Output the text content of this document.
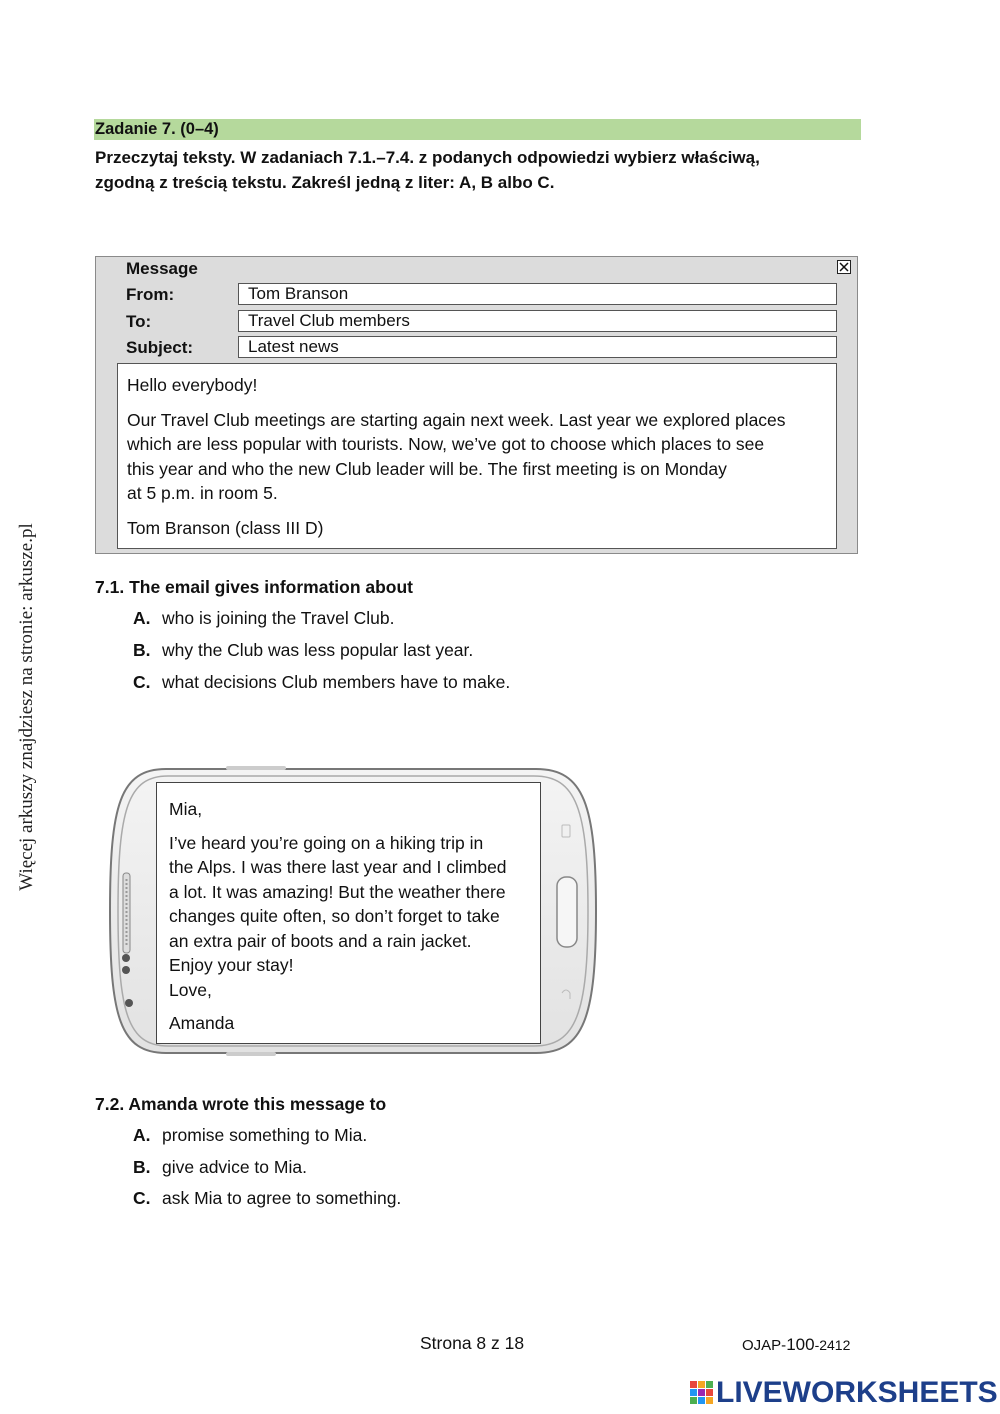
Więcej arkuszy znajdziesz na stronie: arkusze.pl
Zadanie 7. (0–4)
Przeczytaj teksty. W zadaniach 7.1.–7.4. z podanych odpowiedzi wybierz właściwą,
zgodną z treścią tekstu. Zakreśl jedną z liter: A, B albo C.
Message
From:	Tom Branson
To:	Travel Club members
Subject:	Latest news

Hello everybody!

Our Travel Club meetings are starting again next week. Last year we explored places
which are less popular with tourists. Now, we’ve got to choose which places to see
this year and who the new Club leader will be. The first meeting is on Monday
at 5 p.m. in room 5.

Tom Branson (class III D)

7.1. The email gives information about
A. who is joining the Travel Club.
B. why the Club was less popular last year.
C. what decisions Club members have to make.

Mia,

I’ve heard you’re going on a hiking trip in
the Alps. I was there last year and I climbed
a lot. It was amazing! But the weather there
changes quite often, so don’t forget to take
an extra pair of boots and a rain jacket.
Enjoy your stay!
Love,
Amanda
7.2. Amanda wrote this message to
A. promise something to Mia.
B. give advice to Mia.
C. ask Mia to agree to something.
Strona 8 z 18	OJAP-100-2412
LIVEWORKSHEETS
